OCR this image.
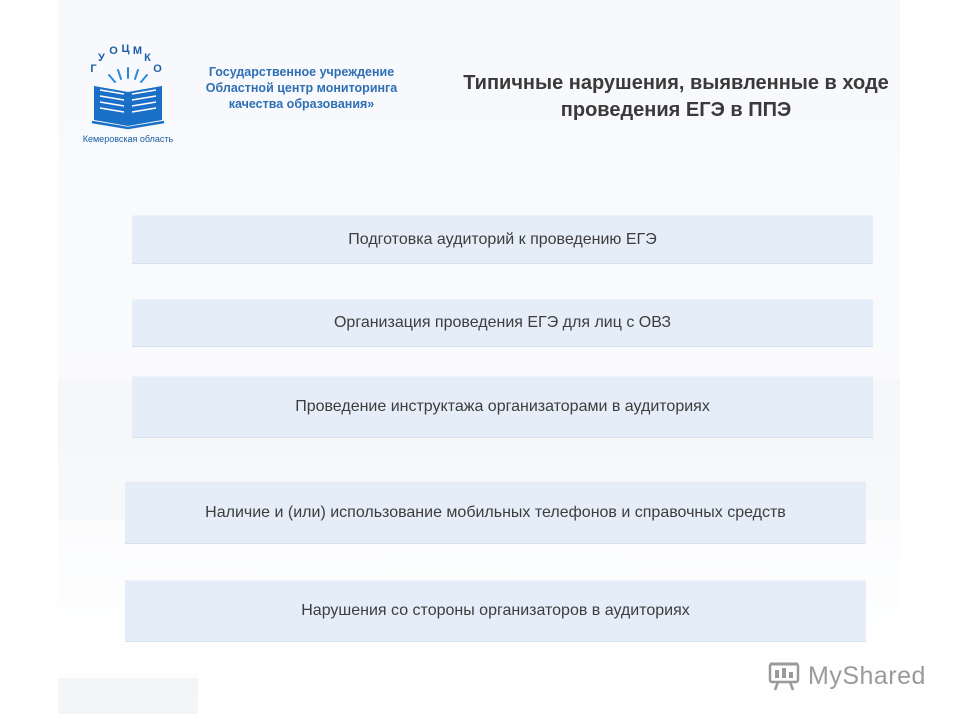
Г У О Ц М К О
Кемеровская область
Государственное учреждение
Областной центр мониторинга
качества образования»
Типичные нарушения, выявленные в ходе
проведения ЕГЭ в ППЭ
Подготовка аудиторий к проведению ЕГЭ
Организация проведения ЕГЭ для лиц с ОВЗ
Проведение инструктажа организаторами в аудиториях
Наличие и (или) использование мобильных телефонов и справочных средств
Нарушения со стороны организаторов в аудиториях
MyShared
